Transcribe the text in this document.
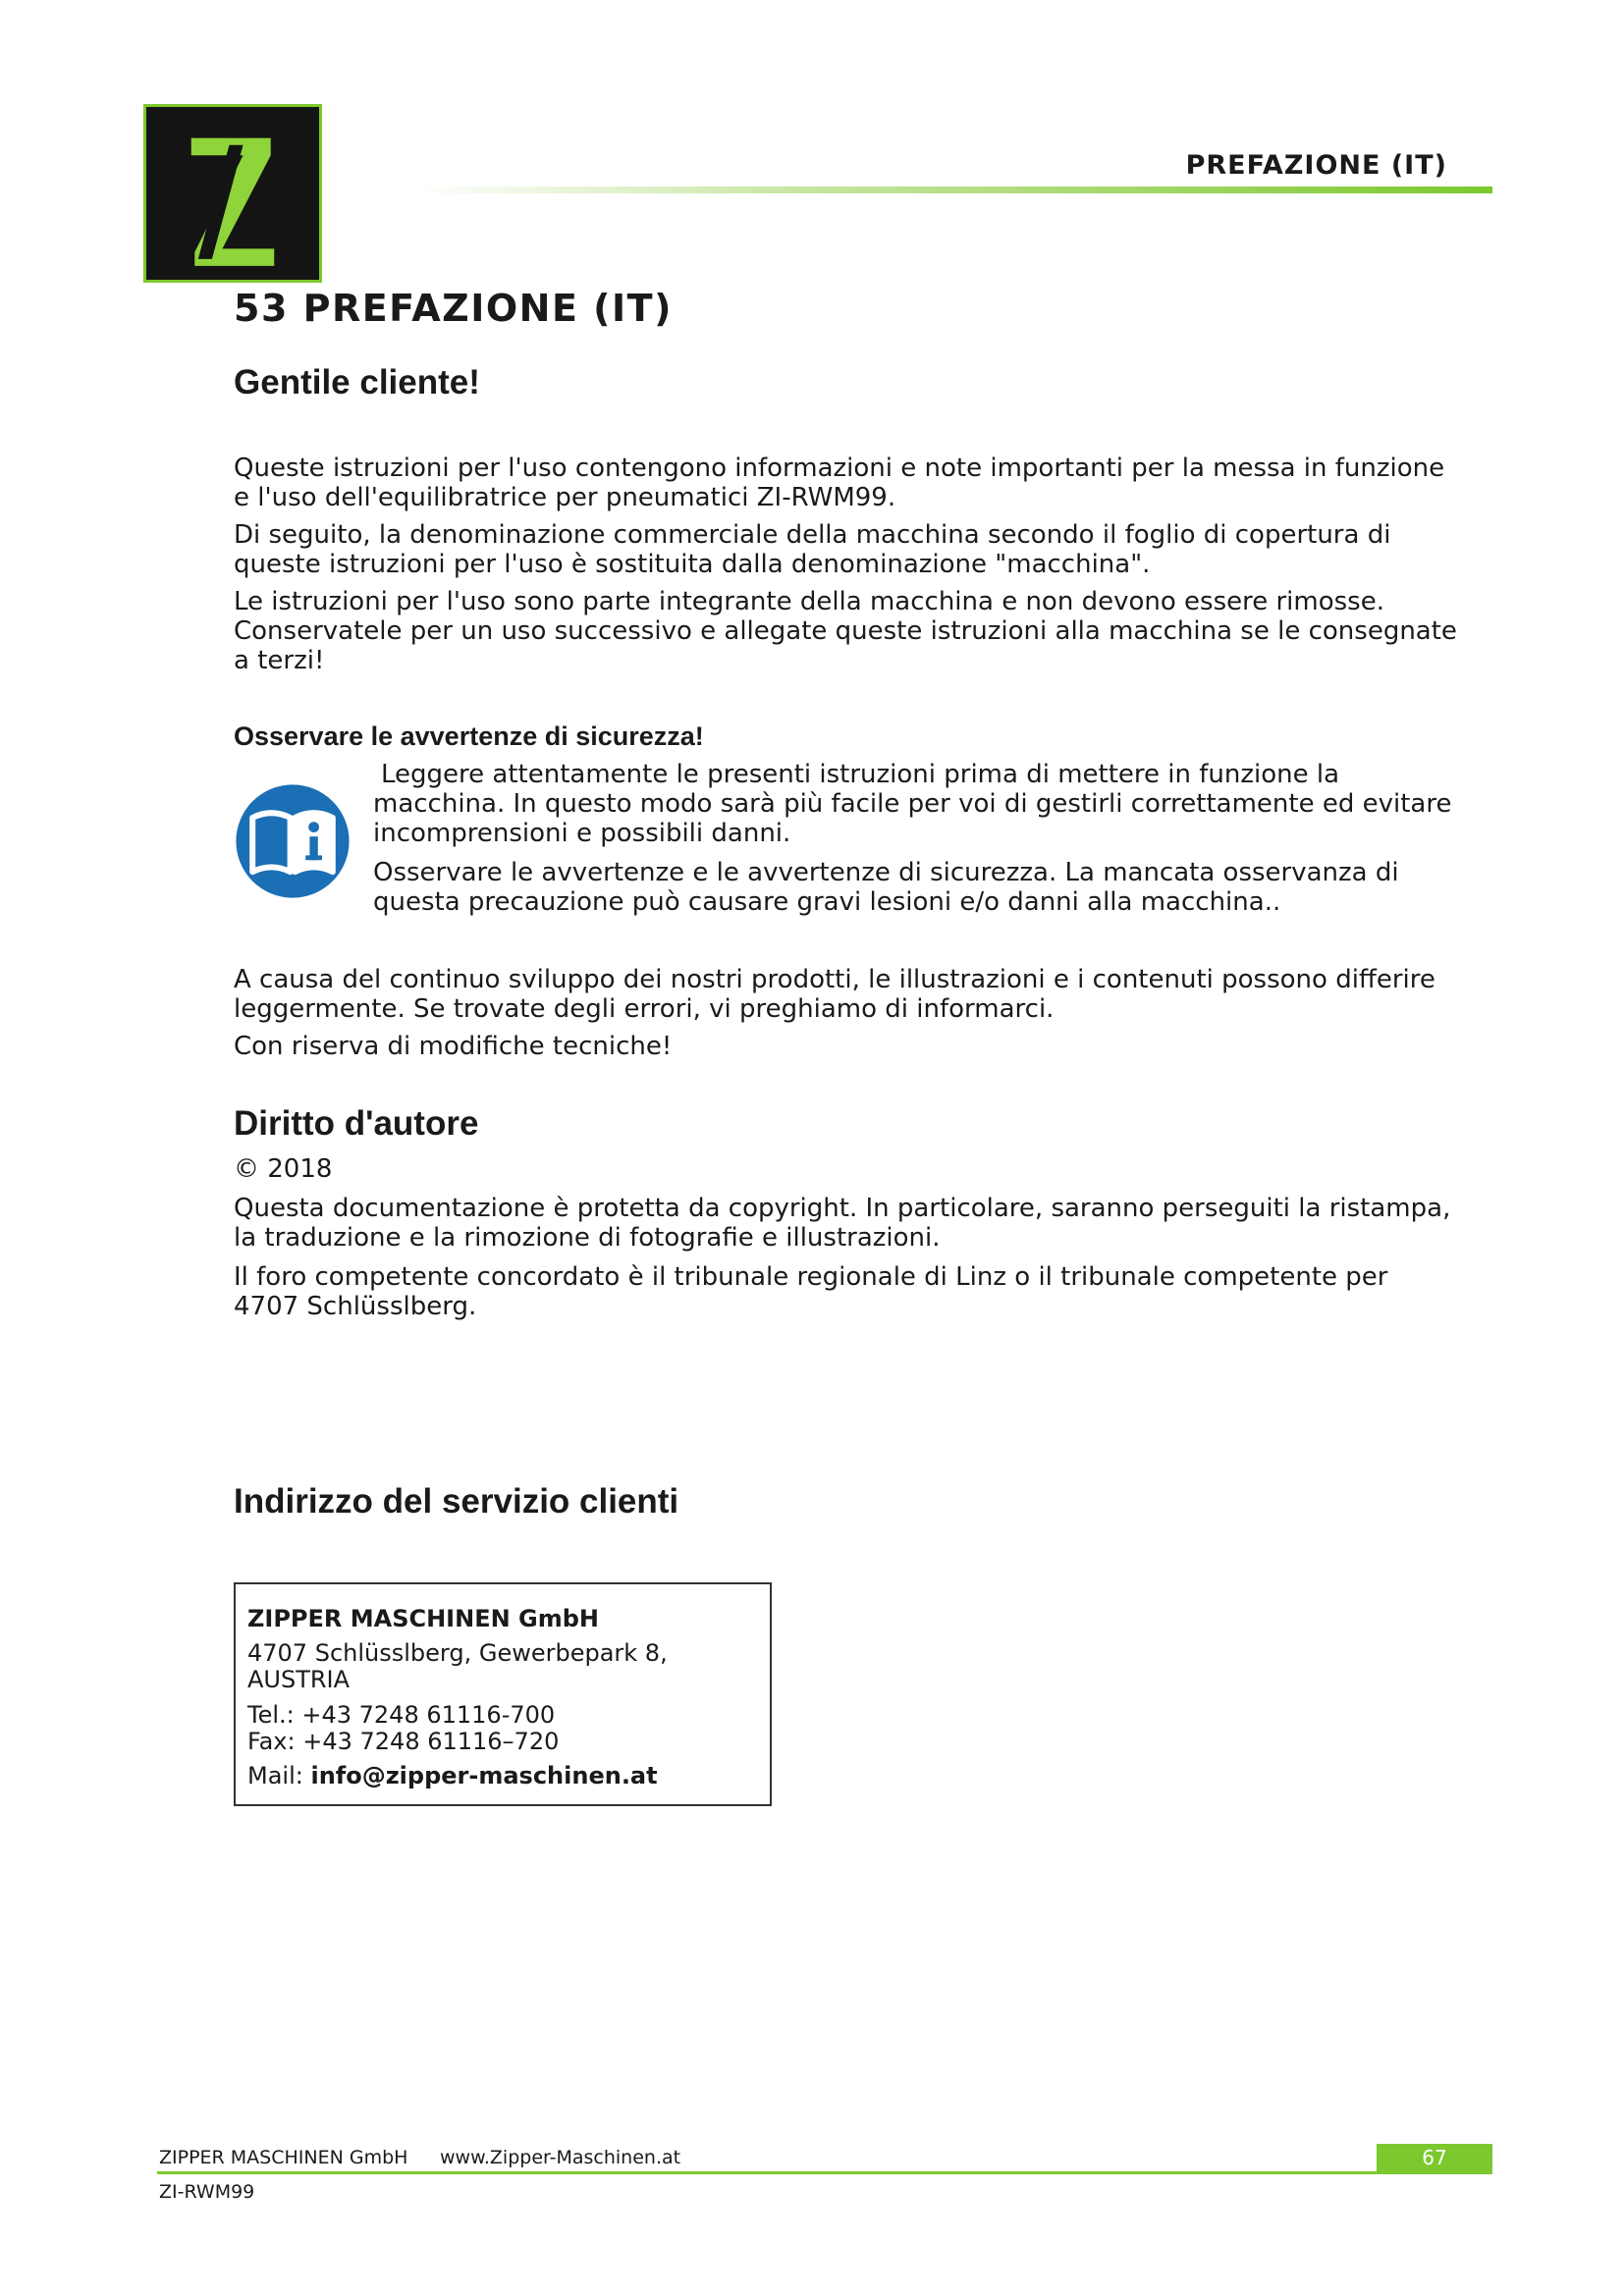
PREFAZIONE (IT)
53 PREFAZIONE (IT)
Gentile cliente!
Queste istruzioni per l'uso contengono informazioni e note importanti per la messa in funzione
e l'uso dell'equilibratrice per pneumatici ZI-RWM99.
Di seguito, la denominazione commerciale della macchina secondo il foglio di copertura di
queste istruzioni per l'uso è sostituita dalla denominazione "macchina".
Le istruzioni per l'uso sono parte integrante della macchina e non devono essere rimosse.
Conservatele per un uso successivo e allegate queste istruzioni alla macchina se le consegnate
a terzi!
Osservare le avvertenze di sicurezza!
Leggere attentamente le presenti istruzioni prima di mettere in funzione la
macchina. In questo modo sarà più facile per voi di gestirli correttamente ed evitare
incomprensioni e possibili danni.
Osservare le avvertenze e le avvertenze di sicurezza. La mancata osservanza di
questa precauzione può causare gravi lesioni e/o danni alla macchina..
A causa del continuo sviluppo dei nostri prodotti, le illustrazioni e i contenuti possono differire
leggermente. Se trovate degli errori, vi preghiamo di informarci.
Con riserva di modifiche tecniche!
Diritto d'autore
© 2018
Questa documentazione è protetta da copyright. In particolare, saranno perseguiti la ristampa,
la traduzione e la rimozione di fotografie e illustrazioni.
Il foro competente concordato è il tribunale regionale di Linz o il tribunale competente per
4707 Schlüsslberg.
Indirizzo del servizio clienti
ZIPPER MASCHINEN GmbH
4707 Schlüsslberg, Gewerbepark 8,
AUSTRIA
Tel.: +43 7248 61116-700
Fax: +43 7248 61116–720
Mail: info@zipper-maschinen.at
ZIPPER MASCHINEN GmbH www.Zipper-Maschinen.at	67
ZI-RWM99
